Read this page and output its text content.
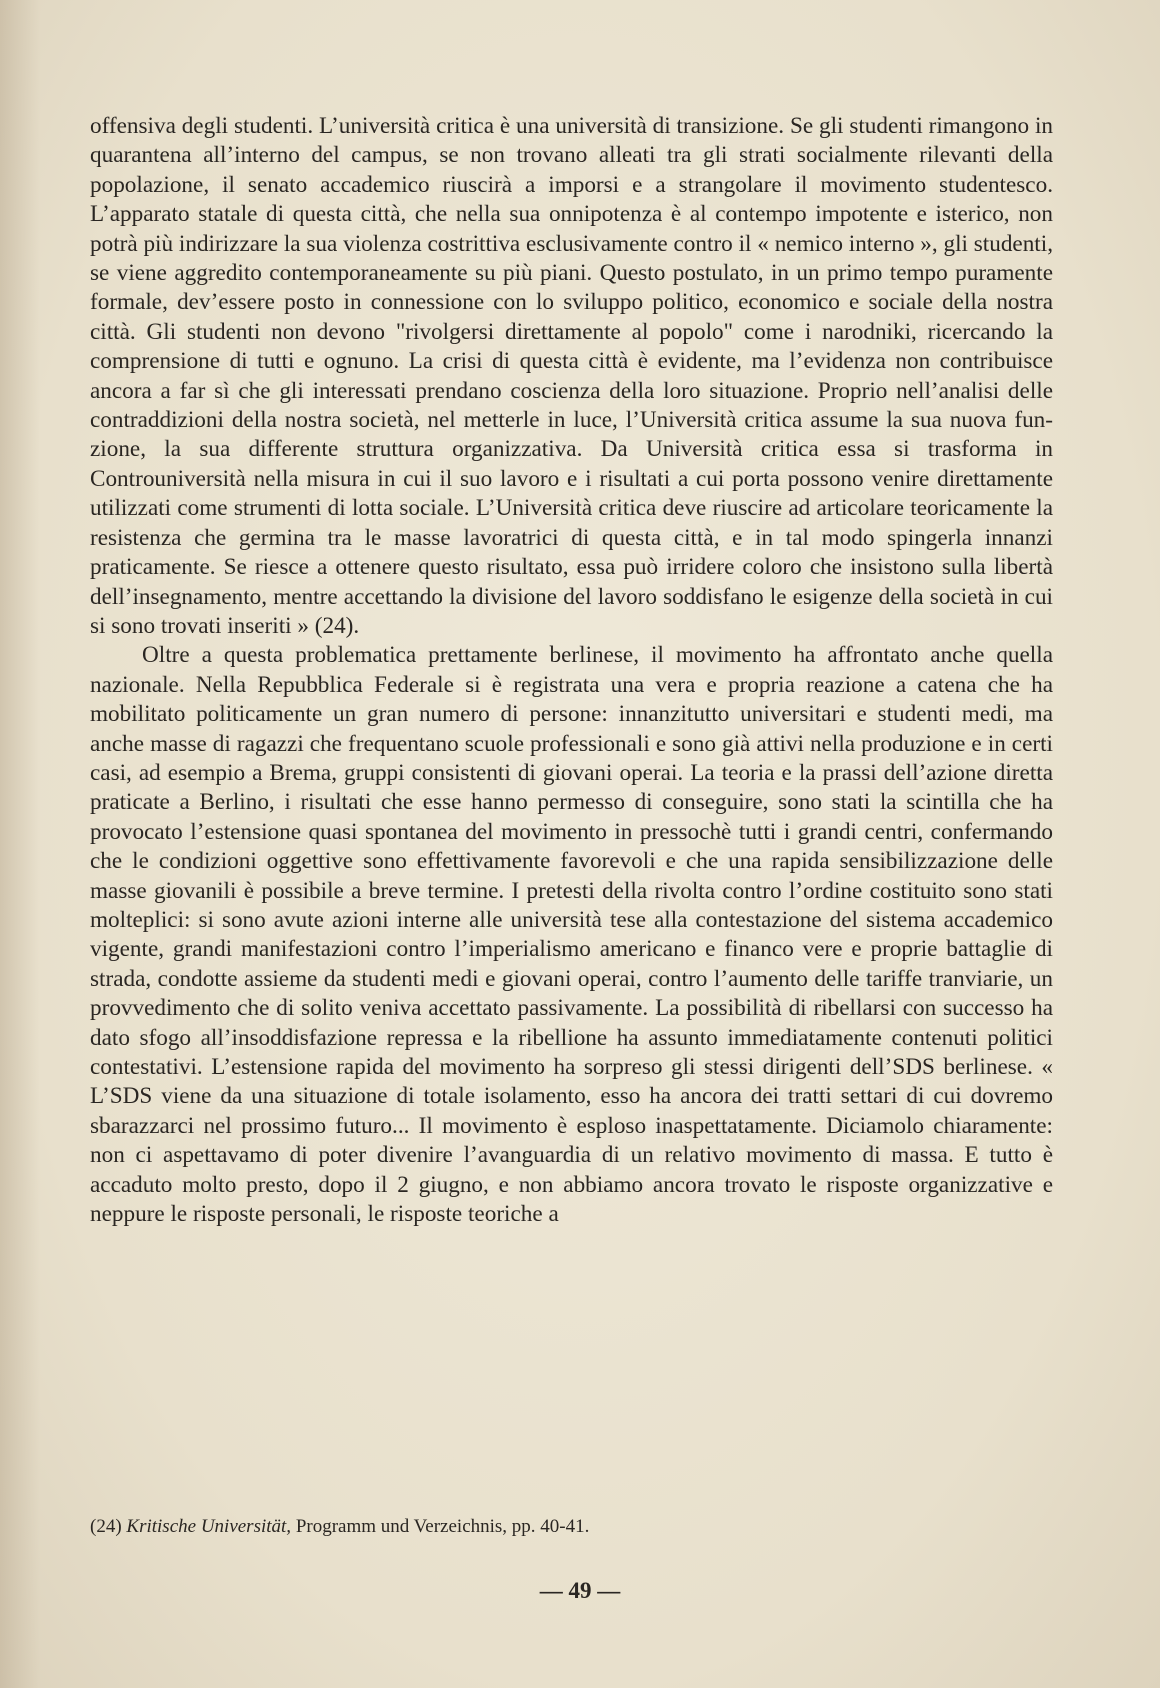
offensiva degli studenti. L’università critica è una università di transizione. Se gli studenti rimangono in quarantena all’interno del campus, se non trovano alleati tra gli strati socialmente rilevanti della popolazione, il senato accademico riuscirà a imporsi e a strangolare il movimento studentesco. L’apparato statale di questa città, che nella sua onnipotenza è al contempo impotente e isterico, non potrà più indirizzare la sua violenza costrittiva esclusivamente contro il « nemico interno », gli studenti, se viene aggredito contemporaneamente su più piani. Questo postulato, in un primo tempo puramente formale, dev’essere posto in connessione con lo sviluppo politico, economico e sociale della nostra città. Gli studenti non devono "rivolgersi direttamente al popolo" come i narodniki, ricercando la comprensione di tutti e ognuno. La crisi di questa città è evidente, ma l’evidenza non contribuisce ancora a far sì che gli interessati prendano coscienza della loro situazione. Proprio nell’analisi delle contraddizioni della nostra società, nel metterle in luce, l’Università critica assume la sua nuova funzione, la sua differente struttura organizzativa. Da Università critica essa si trasforma in Controuniversità nella misura in cui il suo lavoro e i risultati a cui porta possono venire direttamente utilizzati come strumenti di lotta sociale. L’Università critica deve riuscire ad articolare teoricamente la resistenza che germina tra le masse lavoratrici di questa città, e in tal modo spingerla innanzi praticamente. Se riesce a ottenere questo risultato, essa può irridere coloro che insistono sulla libertà dell’insegnamento, mentre accettando la divisione del lavoro soddisfano le esigenze della società in cui si sono trovati inseriti » (24).

Oltre a questa problematica prettamente berlinese, il movimento ha affrontato anche quella nazionale. Nella Repubblica Federale si è registrata una vera e propria reazione a catena che ha mobilitato politicamente un gran numero di persone: innanzitutto universitari e studenti medi, ma anche masse di ragazzi che frequentano scuole professionali e sono già attivi nella produzione e in certi casi, ad esempio a Brema, gruppi consistenti di giovani operai. La teoria e la prassi dell’azione diretta praticate a Berlino, i risultati che esse hanno permesso di conseguire, sono stati la scintilla che ha provocato l’estensione quasi spontanea del movimento in pressochè tutti i grandi centri, confermando che le condizioni oggettive sono effettivamente favorevoli e che una rapida sensibilizzazione delle masse giovanili è possibile a breve termine. I pretesti della rivolta contro l’ordine costituito sono stati molteplici: si sono avute azioni interne alle università tese alla contestazione del sistema accademico vigente, grandi manifestazioni contro l’imperialismo americano e financo vere e proprie battaglie di strada, condotte assieme da studenti medi e giovani operai, contro l’aumento delle tariffe tranviarie, un provvedimento che di solito veniva accettato passivamente. La possibilità di ribellarsi con successo ha dato sfogo all’insoddisfazione repressa e la ribellione ha assunto immediatamente contenuti politici contestativi. L’estensione rapida del movimento ha sorpreso gli stessi dirigenti dell’SDS berlinese. « L’SDS viene da una situazione di totale isolamento, esso ha ancora dei tratti settari di cui dovremo sbarazzarci nel prossimo futuro... Il movimento è esploso inaspettatamente. Diciamolo chiaramente: non ci aspettavamo di poter divenire l’avanguardia di un relativo movimento di massa. E tutto è accaduto molto presto, dopo il 2 giugno, e non abbiamo ancora trovato le risposte organizzative e neppure le risposte personali, le risposte teoriche a

(24) Kritische Universität, Programm und Verzeichnis, pp. 40-41.
— 49 —
